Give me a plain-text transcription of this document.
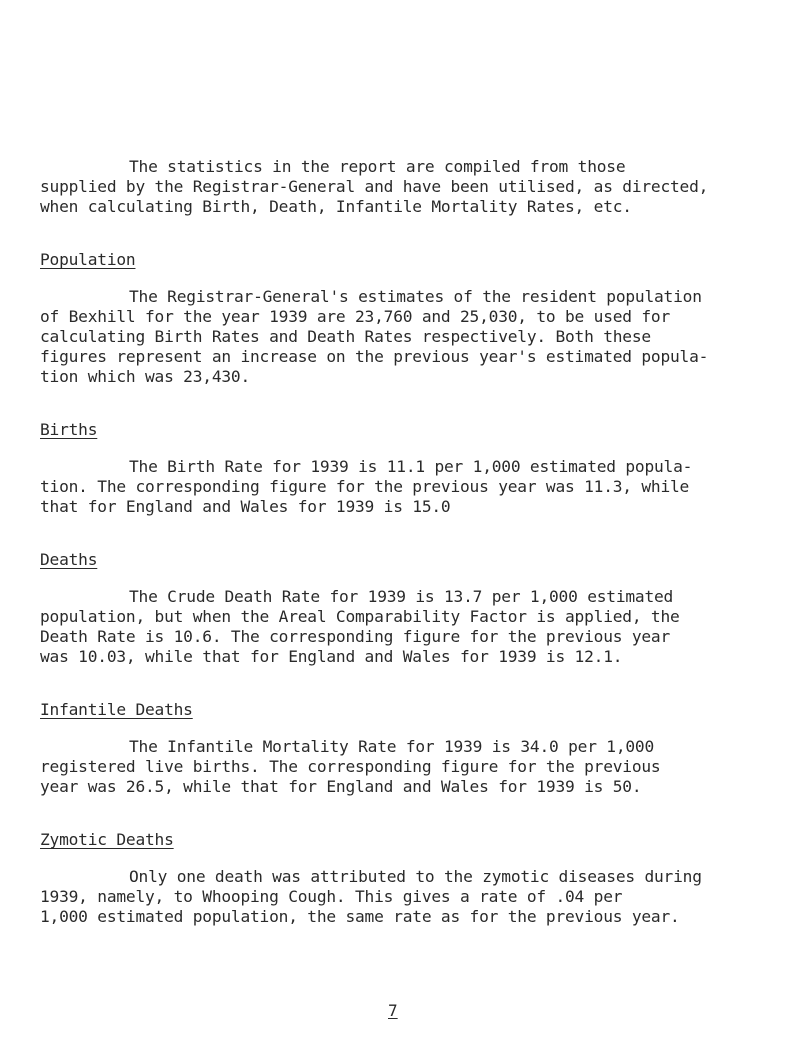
The statistics in the report are compiled from those
supplied by the Registrar-General and have been utilised, as directed,
when calculating Birth, Death, Infantile Mortality Rates, etc.
Population
The Registrar-General's estimates of the resident population
of Bexhill for the year 1939 are 23,760 and 25,030, to be used for
calculating Birth Rates and Death Rates respectively. Both these
figures represent an increase on the previous year's estimated popula-
tion which was 23,430.
Births
The Birth Rate for 1939 is 11.1 per 1,000 estimated popula-
tion. The corresponding figure for the previous year was 11.3, while
that for England and Wales for 1939 is 15.0
Deaths
The Crude Death Rate for 1939 is 13.7 per 1,000 estimated
population, but when the Areal Comparability Factor is applied, the
Death Rate is 10.6. The corresponding figure for the previous year
was 10.03, while that for England and Wales for 1939 is 12.1.
Infantile Deaths
The Infantile Mortality Rate for 1939 is 34.0 per 1,000
registered live births. The corresponding figure for the previous
year was 26.5, while that for England and Wales for 1939 is 50.
Zymotic Deaths
Only one death was attributed to the zymotic diseases during
1939, namely, to Whooping Cough. This gives a rate of .04 per
1,000 estimated population, the same rate as for the previous year.
7
